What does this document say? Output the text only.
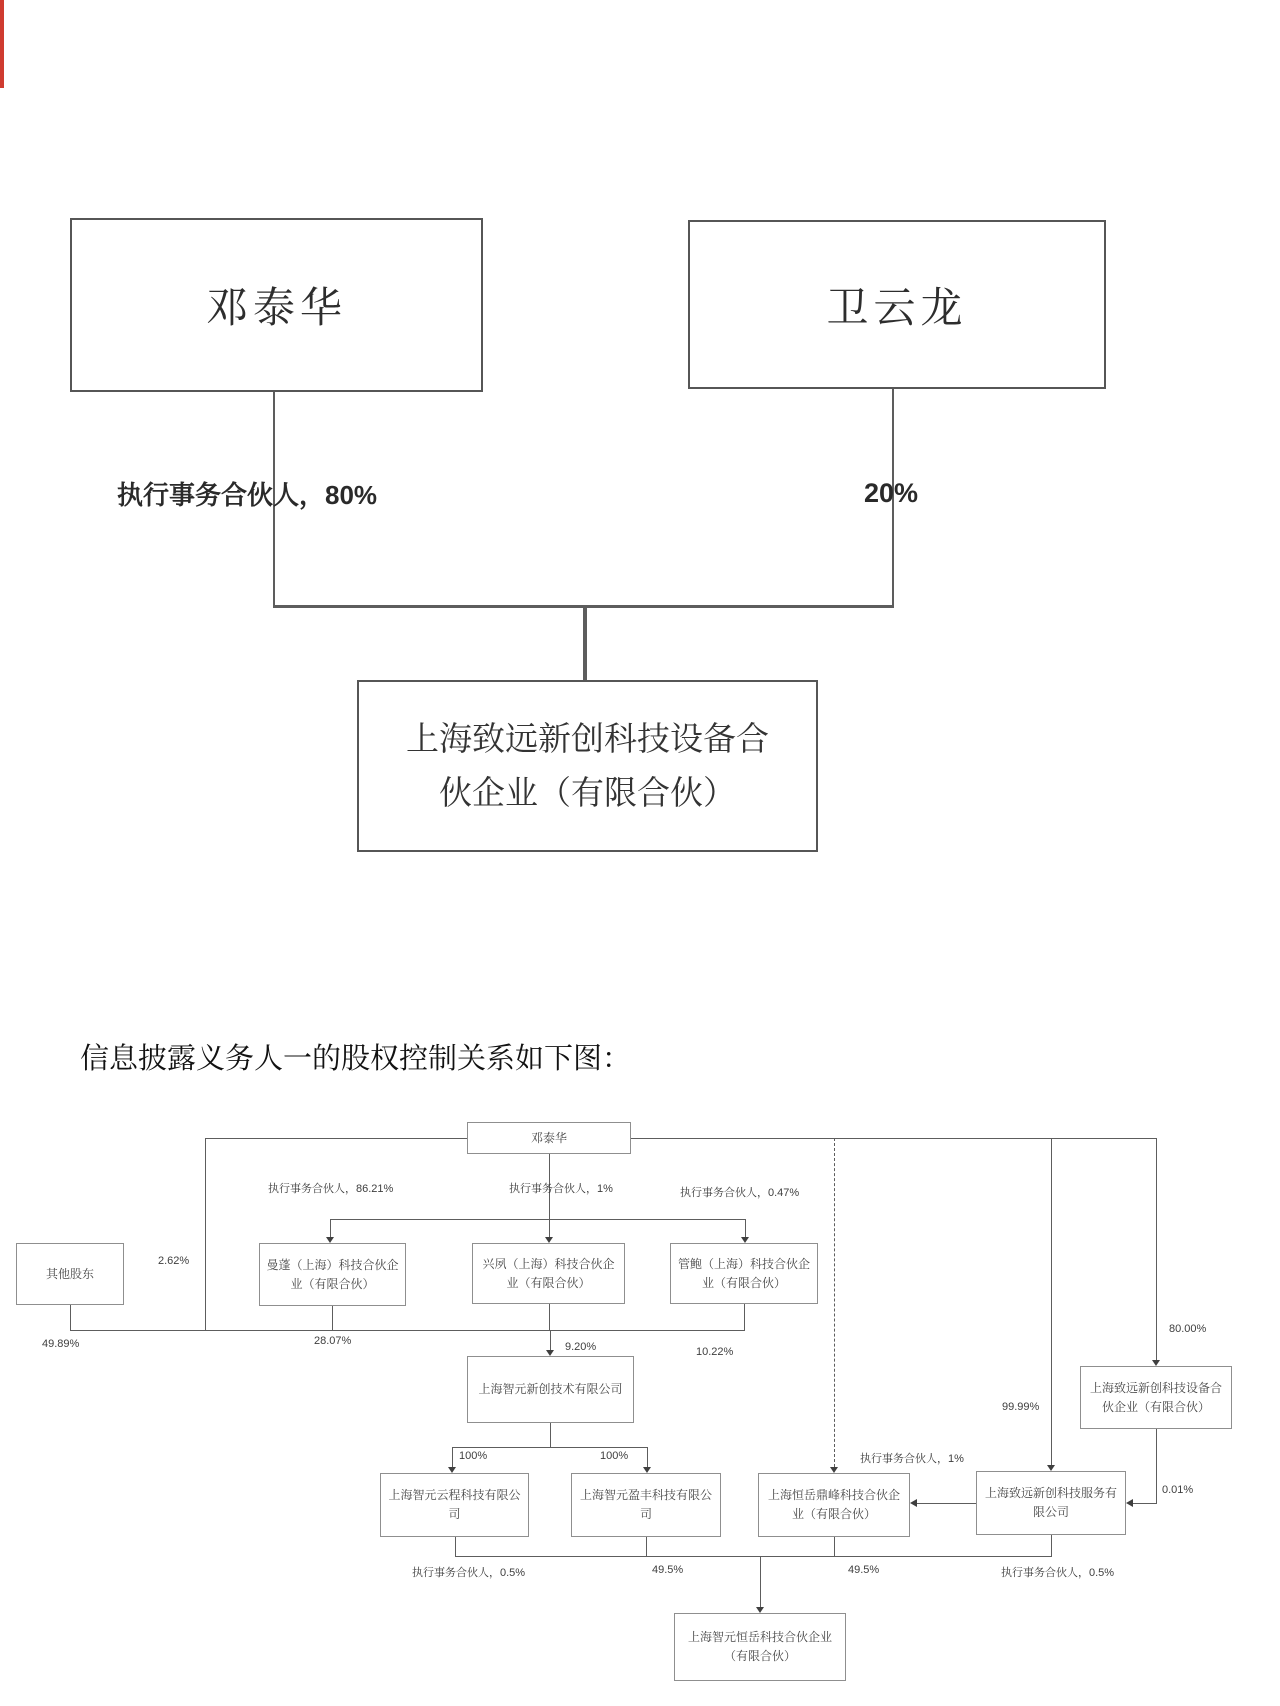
邓泰华	卫云龙
执行事务合伙人，80%	20%
上海致远新创科技设备合伙企业（有限合伙）
信息披露义务人一的股权控制关系如下图：
邓泰华
其他股东
曼蓬（上海）科技合伙企业（有限合伙）
兴夙（上海）科技合伙企业（有限合伙）
管鲍（上海）科技合伙企业（有限合伙）
上海智元新创技术有限公司
上海智元云程科技有限公司
上海智元盈丰科技有限公司
上海恒岳鼎峰科技合伙企业（有限合伙）
上海致远新创科技服务有限公司
上海致远新创科技设备合伙企业（有限合伙）
上海智元恒岳科技合伙企业（有限合伙）
执行事务合伙人，86.21%	执行事务合伙人，1%	执行事务合伙人，0.47%
2.62%
49.89%	28.07%	9.20%	10.22%
100%	100%
80.00%
99.99%
0.01%
执行事务合伙人，1%
执行事务合伙人，0.5%	49.5%	49.5%	执行事务合伙人，0.5%
